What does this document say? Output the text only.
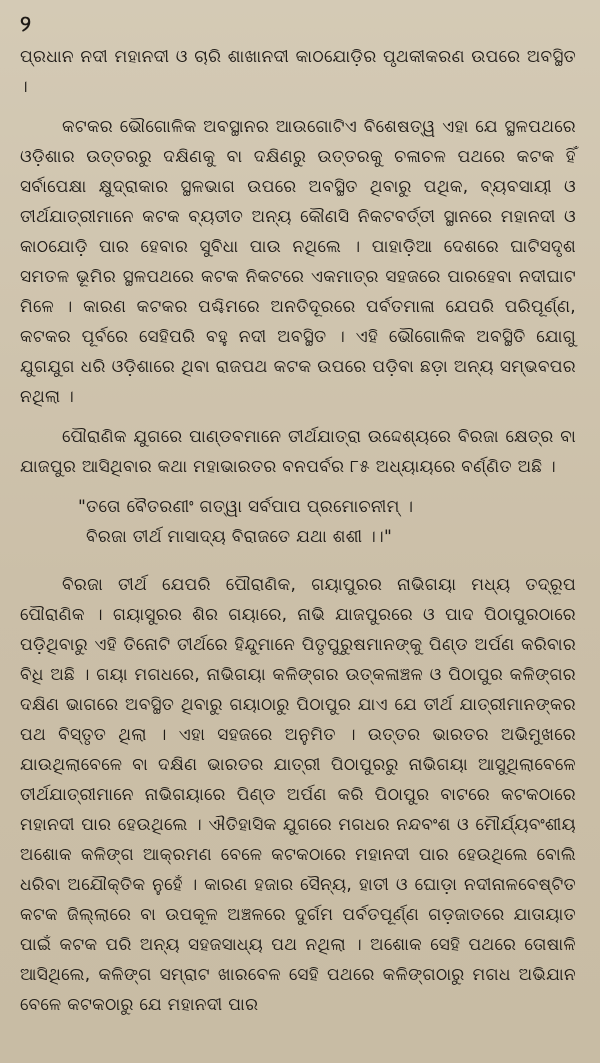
୨

ପ୍ରଧାନ ନଦୀ ମହାନଦୀ ଓ ଚାରି ଶାଖାନଦୀ କାଠଯୋଡ଼ିର ପୃଥକୀକରଣ ଉପରେ ଅବସ୍ଥିତ ।

କଟକର ଭୌଗୋଳିକ ଅବସ୍ଥାନର ଆଉଗୋଟିଏ ବିଶେଷତ୍ୱ ଏହା ଯେ ସ୍ଥଳପଥରେ ଓଡ଼ିଶାର ଉତ୍ତରରୁ ଦକ୍ଷିଣକୁ ବା ଦକ୍ଷିଣରୁ ଉତ୍ତରକୁ ଚଳାଚଳ ପଥରେ କଟକ ହିଁ ସର୍ବାପେକ୍ଷା କ୍ଷୁଦ୍ରାକାର ସ୍ଥଳଭାଗ ଉପରେ ଅବସ୍ଥିତ ଥିବାରୁ ପଥିକ, ବ୍ୟବସାୟୀ ଓ ତୀର୍ଥଯାତ୍ରୀମାନେ କଟକ ବ୍ୟତୀତ ଅନ୍ୟ କୌଣସି ନିକଟବର୍ତ୍ତୀ ସ୍ଥାନରେ ମହାନଦୀ ଓ କାଠଯୋଡ଼ି ପାର ହେବାର ସୁବିଧା ପାଉ ନଥିଲେ । ପାହାଡ଼ିଆ ଦେଶରେ ଘାଟିସଦୃଶ ସମତଳ ଭୂମିର ସ୍ଥଳପଥରେ କଟକ ନିକଟରେ ଏକମାତ୍ର ସହଜରେ ପାରହେବା ନଦୀଘାଟ ମିଳେ । କାରଣ କଟକର ପଶ୍ଚିମରେ ଅନତିଦୂରରେ ପର୍ବତମାଳା ଯେପରି ପରିପୂର୍ଣ୍ଣ, କଟକର ପୂର୍ବରେ ସେହିପରି ବହୁ ନଦୀ ଅବସ୍ଥିତ । ଏହି ଭୌଗୋଳିକ ଅବସ୍ଥିତି ଯୋଗୁ ଯୁଗଯୁଗ ଧରି ଓଡ଼ିଶାରେ ଥିବା ରାଜପଥ କଟକ ଉପରେ ପଡ଼ିବା ଛଡ଼ା ଅନ୍ୟ ସମ୍ଭବପର ନଥିଲା ।

ପୌରାଣିକ ଯୁଗରେ ପାଣ୍ଡବମାନେ ତୀର୍ଥଯାତ୍ରା ଉଦ୍ଦେଶ୍ୟରେ ବିରଜା କ୍ଷେତ୍ର ବା ଯାଜପୁର ଆସିଥିବାର କଥା ମହାଭାରତର ବନପର୍ବର ୮୫ ଅଧ୍ୟାୟରେ ବର୍ଣ୍ଣିତ ଅଛି ।

"ତତୋ ବୈତରଣୀଂ ଗତ୍ୱା ସର୍ବପାପ ପ୍ରମୋଚନୀମ୍ ।

ବିରଜା ତୀର୍ଥ ମାସାଦ୍ୟ ବିରାଜତେ ଯଥା ଶଶୀ ।।"

ବିରଜା ତୀର୍ଥ ଯେପରି ପୌରାଣିକ, ଗୟାପୁରର ନାଭିଗୟା ମଧ୍ୟ ତଦ୍ରୂପ ପୌରାଣିକ । ଗୟାସୁରର ଶିର ଗୟାରେ, ନାଭି ଯାଜପୁରରେ ଓ ପାଦ ପିଠାପୁରଠାରେ ପଡ଼ିଥିବାରୁ ଏହି ତିନୋଟି ତୀର୍ଥରେ ହିନ୍ଦୁମାନେ ପିତୃପୁରୁଷମାନଙ୍କୁ ପିଣ୍ଡ ଅର୍ପଣ କରିବାର ବିଧି ଅଛି । ଗୟା ମଗଧରେ, ନାଭିଗୟା କଳିଙ୍ଗର ଉତ୍କଳାଞ୍ଚଳ ଓ ପିଠାପୁର କଳିଙ୍ଗର ଦକ୍ଷିଣ ଭାଗରେ ଅବସ୍ଥିତ ଥିବାରୁ ଗୟାଠାରୁ ପିଠାପୁର ଯାଏ ଯେ ତୀର୍ଥ ଯାତ୍ରୀମାନଙ୍କର ପଥ ବିସ୍ତୃତ ଥିଲା । ଏହା ସହଜରେ ଅନୁମିତ । ଉତ୍ତର ଭାରତର ଅଭିମୁଖରେ ଯାଉଥିଲାବେଳେ ବା ଦକ୍ଷିଣ ଭାରତର ଯାତ୍ରୀ ପିଠାପୁରରୁ ନାଭିଗୟା ଆସୁଥିଲାବେଳେ ତୀର୍ଥଯାତ୍ରୀମାନେ ନାଭିଗୟାରେ ପିଣ୍ଡ ଅର୍ପଣ କରି ପିଠାପୁର ବାଟରେ କଟକଠାରେ ମହାନଦୀ ପାର ହେଉଥିଲେ । ଐତିହାସିକ ଯୁଗରେ ମଗଧର ନନ୍ଦବଂଶ ଓ ମୌର୍ଯ୍ୟବଂଶୀୟ ଅଶୋକ କଳିଙ୍ଗ ଆକ୍ରମଣ ବେଳେ କଟକଠାରେ ମହାନଦୀ ପାର ହେଉଥିଲେ ବୋଲି ଧରିବା ଅଯୌକ୍ତିକ ନୁହେଁ । କାରଣ ହଜାର ସୈନ୍ୟ, ହାତୀ ଓ ଘୋଡ଼ା ନଦୀନାଳବେଷ୍ଟିତ କଟକ ଜିଲ୍ଲାରେ ବା ଉପକୂଳ ଅଞ୍ଚଳରେ ଦୁର୍ଗମ ପର୍ବତପୂର୍ଣ୍ଣ ଗଡ଼ଜାତରେ ଯାତାୟାତ ପାଇଁ କଟକ ପରି ଅନ୍ୟ ସହଜସାଧ୍ୟ ପଥ ନଥିଲା । ଅଶୋକ ସେହି ପଥରେ ତୋଷାଳି ଆସିଥିଲେ, କଳିଙ୍ଗ ସମ୍ରାଟ ଖାରବେଳ ସେହି ପଥରେ କଳିଙ୍ଗଠାରୁ ମଗଧ ଅଭିଯାନ ବେଳେ କଟକଠାରୁ ଯେ ମହାନଦୀ ପାର
